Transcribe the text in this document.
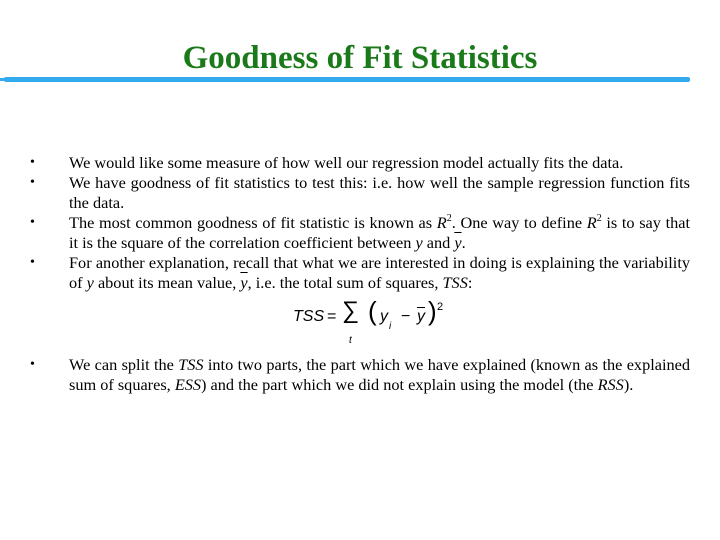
Goodness of Fit Statistics
• We would like some measure of how well our regression model actually fits the data.
• We have goodness of fit statistics to test this: i.e. how well the sample regression function fits the data.
• The most common goodness of fit statistic is known as $R^2$. One way to define $R^2$ is to say that it is the square of the correlation coefficient between y and $\overline{y}$.
• For another explanation, recall that what we are interested in doing is explaining the variability of y about its mean value, $\overline{y}$, i.e. the total sum of squares, TSS:
TSS = ∑
t
( y
i
− $\overline{y}$ ) 2
• We can split the TSS into two parts, the part which we have explained (known as the explained sum of squares, ESS) and the part which we did not explain using the model (the RSS).
